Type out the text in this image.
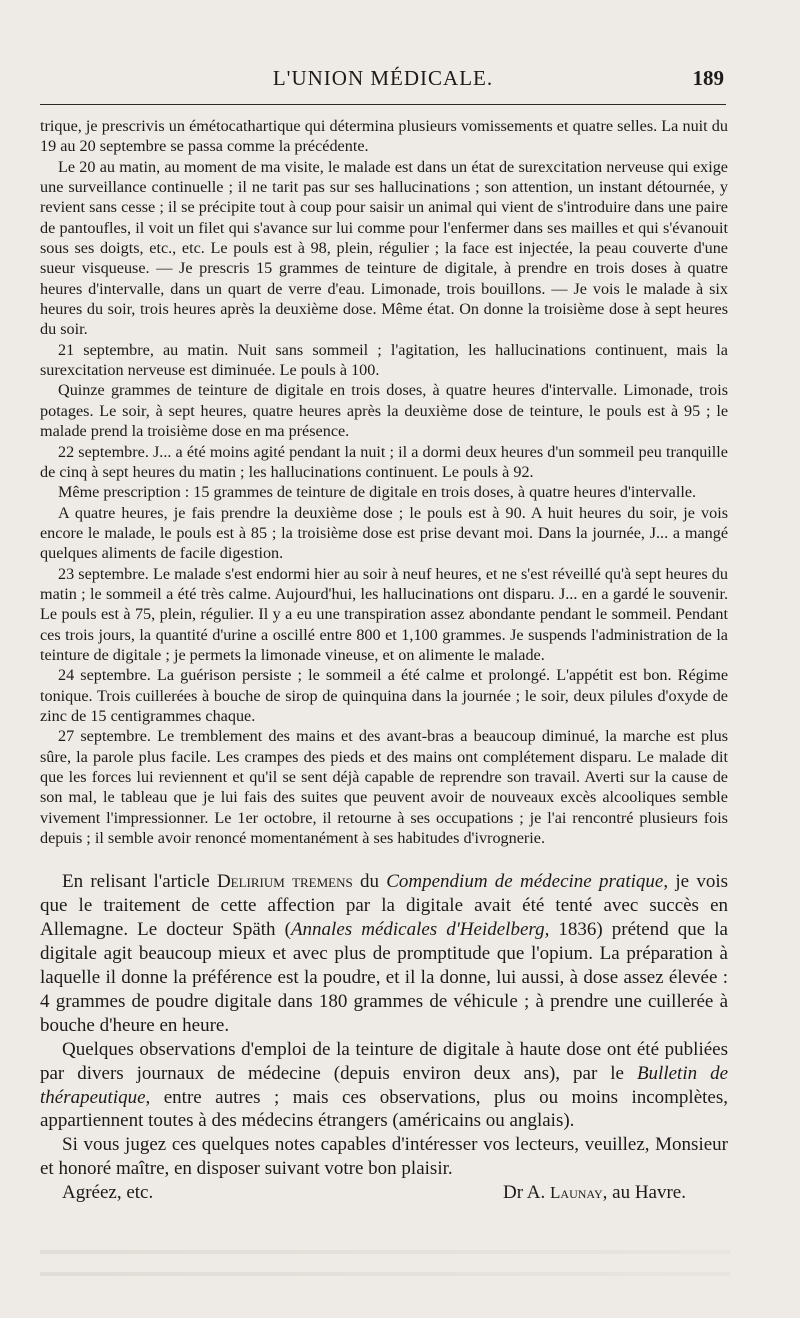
L'UNION MÉDICALE.	189

trique, je prescrivis un émétocathartique qui détermina plusieurs vomissements et quatre selles. La nuit du 19 au 20 septembre se passa comme la précédente.

Le 20 au matin, au moment de ma visite, le malade est dans un état de surexcitation nerveuse qui exige une surveillance continuelle ; il ne tarit pas sur ses hallucinations ; son attention, un instant détournée, y revient sans cesse ; il se précipite tout à coup pour saisir un animal qui vient de s'introduire dans une paire de pantoufles, il voit un filet qui s'avance sur lui comme pour l'enfermer dans ses mailles et qui s'évanouit sous ses doigts, etc., etc. Le pouls est à 98, plein, régulier ; la face est injectée, la peau couverte d'une sueur visqueuse. — Je prescris 15 grammes de teinture de digitale, à prendre en trois doses à quatre heures d'intervalle, dans un quart de verre d'eau. Limonade, trois bouillons. — Je vois le malade à six heures du soir, trois heures après la deuxième dose. Même état. On donne la troisième dose à sept heures du soir.

21 septembre, au matin. Nuit sans sommeil ; l'agitation, les hallucinations continuent, mais la surexcitation nerveuse est diminuée. Le pouls à 100.

Quinze grammes de teinture de digitale en trois doses, à quatre heures d'intervalle. Limonade, trois potages. Le soir, à sept heures, quatre heures après la deuxième dose de teinture, le pouls est à 95 ; le malade prend la troisième dose en ma présence.

22 septembre. J... a été moins agité pendant la nuit ; il a dormi deux heures d'un sommeil peu tranquille de cinq à sept heures du matin ; les hallucinations continuent. Le pouls à 92.

Même prescription : 15 grammes de teinture de digitale en trois doses, à quatre heures d'intervalle.

A quatre heures, je fais prendre la deuxième dose ; le pouls est à 90. A huit heures du soir, je vois encore le malade, le pouls est à 85 ; la troisième dose est prise devant moi. Dans la journée, J... a mangé quelques aliments de facile digestion.

23 septembre. Le malade s'est endormi hier au soir à neuf heures, et ne s'est réveillé qu'à sept heures du matin ; le sommeil a été très calme. Aujourd'hui, les hallucinations ont disparu. J... en a gardé le souvenir. Le pouls est à 75, plein, régulier. Il y a eu une transpiration assez abondante pendant le sommeil. Pendant ces trois jours, la quantité d'urine a oscillé entre 800 et 1,100 grammes. Je suspends l'administration de la teinture de digitale ; je permets la limonade vineuse, et on alimente le malade.

24 septembre. La guérison persiste ; le sommeil a été calme et prolongé. L'appétit est bon. Régime tonique. Trois cuillerées à bouche de sirop de quinquina dans la journée ; le soir, deux pilules d'oxyde de zinc de 15 centigrammes chaque.

27 septembre. Le tremblement des mains et des avant-bras a beaucoup diminué, la marche est plus sûre, la parole plus facile. Les crampes des pieds et des mains ont complétement disparu. Le malade dit que les forces lui reviennent et qu'il se sent déjà capable de reprendre son travail. Averti sur la cause de son mal, le tableau que je lui fais des suites que peuvent avoir de nouveaux excès alcooliques semble vivement l'impressionner. Le 1er octobre, il retourne à ses occupations ; je l'ai rencontré plusieurs fois depuis ; il semble avoir renoncé momentanément à ses habitudes d'ivrognerie.

En relisant l'article Delirium tremens du Compendium de médecine pratique, je vois que le traitement de cette affection par la digitale avait été tenté avec succès en Allemagne. Le docteur Späth (Annales médicales d'Heidelberg, 1836) prétend que la digitale agit beaucoup mieux et avec plus de promptitude que l'opium. La préparation à laquelle il donne la préférence est la poudre, et il la donne, lui aussi, à dose assez élevée : 4 grammes de poudre digitale dans 180 grammes de véhicule ; à prendre une cuillerée à bouche d'heure en heure.

Quelques observations d'emploi de la teinture de digitale à haute dose ont été publiées par divers journaux de médecine (depuis environ deux ans), par le Bulletin de thérapeutique, entre autres ; mais ces observations, plus ou moins incomplètes, appartiennent toutes à des médecins étrangers (américains ou anglais).

Si vous jugez ces quelques notes capables d'intéresser vos lecteurs, veuillez, Monsieur et honoré maître, en disposer suivant votre bon plaisir.

Agréez, etc.	Dr A. Launay, au Havre.
